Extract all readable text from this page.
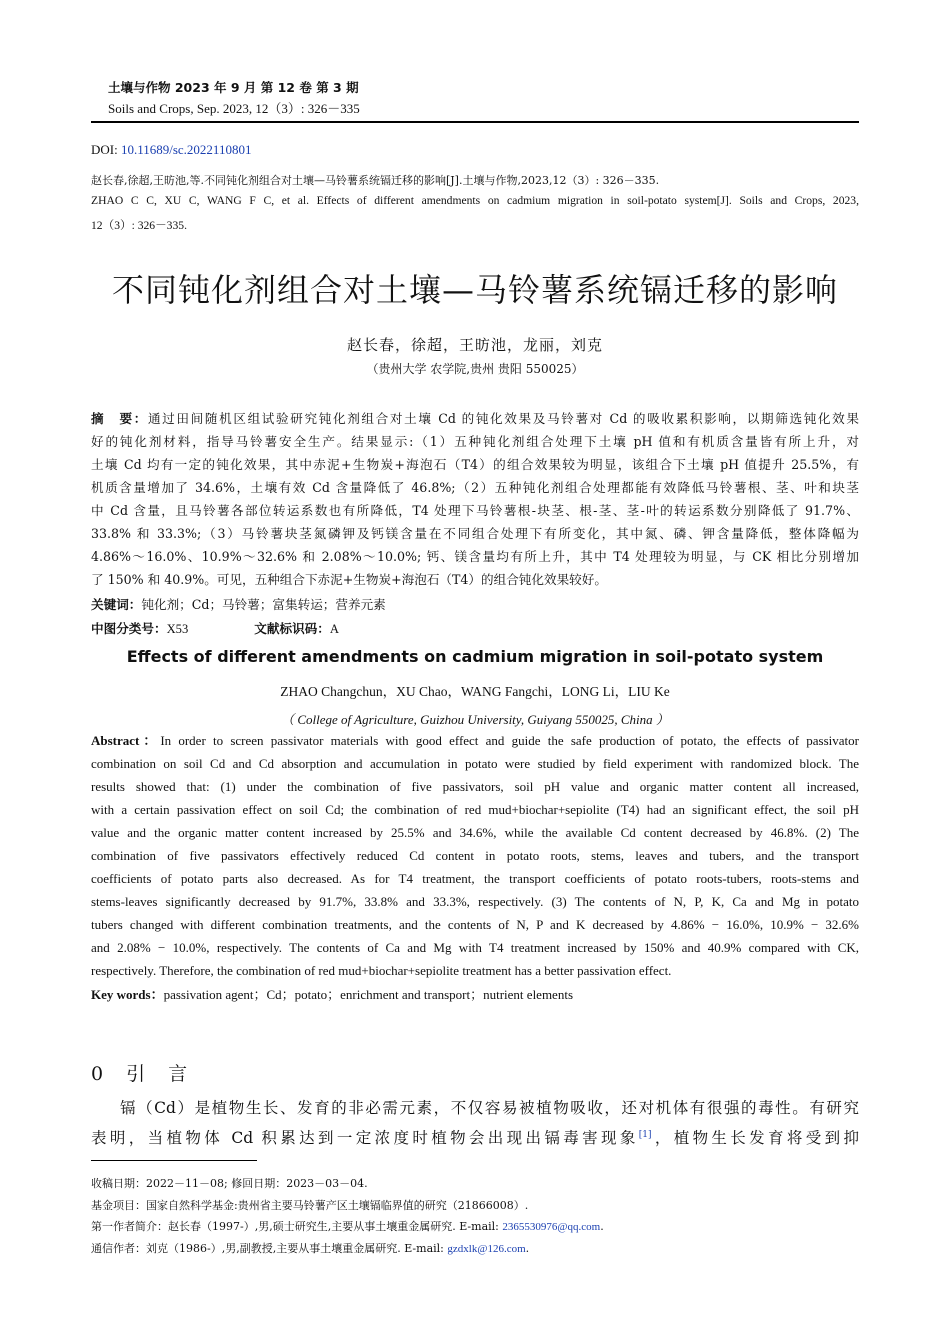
土壤与作物 2023 年 9 月 第 12 卷 第 3 期
Soils and Crops, Sep. 2023, 12（3）: 326－335
DOI: 10.11689/sc.2022110801
赵长春,徐超,王昉池,等.不同钝化剂组合对土壤—马铃薯系统镉迁移的影响[J].土壤与作物,2023,12（3）: 326－335.
ZHAO C C, XU C, WANG F C, et al. Effects of different amendments on cadmium migration in soil-potato system[J]. Soils and Crops, 2023,
12（3）: 326－335.
不同钝化剂组合对土壤—马铃薯系统镉迁移的影响
赵长春，徐超，王昉池，龙丽，刘克
（贵州大学 农学院,贵州 贵阳 550025）
摘　要：通过田间随机区组试验研究钝化剂组合对土壤 Cd 的钝化效果及马铃薯对 Cd 的吸收累积影响，以期筛选钝化效果
好的钝化剂材料，指导马铃薯安全生产。结果显示:（1）五种钝化剂组合处理下土壤 pH 值和有机质含量皆有所上升，对
土壤 Cd 均有一定的钝化效果，其中赤泥+生物炭+海泡石（T4）的组合效果较为明显，该组合下土壤 pH 值提升 25.5%，有
机质含量增加了 34.6%，土壤有效 Cd 含量降低了 46.8%;（2）五种钝化剂组合处理都能有效降低马铃薯根、茎、叶和块茎
中 Cd 含量，且马铃薯各部位转运系数也有所降低，T4 处理下马铃薯根-块茎、根-茎、茎-叶的转运系数分别降低了 91.7%、
33.8% 和 33.3%;（3）马铃薯块茎氮磷钾及钙镁含量在不同组合处理下有所变化，其中氮、磷、钾含量降低，整体降幅为
4.86%～16.0%、10.9%～32.6% 和 2.08%～10.0%; 钙、镁含量均有所上升，其中 T4 处理较为明显，与 CK 相比分别增加
了 150% 和 40.9%。可见，五种组合下赤泥+生物炭+海泡石（T4）的组合钝化效果较好。
关键词：钝化剂；Cd；马铃薯；富集转运；营养元素
中图分类号：X53	文献标识码：A
Effects of different amendments on cadmium migration in soil-potato system
ZHAO Changchun，XU Chao，WANG Fangchi，LONG Li，LIU Ke
（ College of Agriculture, Guizhou University, Guiyang 550025, China ）
Abstract：In order to screen passivator materials with good effect and guide the safe production of potato, the effects of passivator
combination on soil Cd and Cd absorption and accumulation in potato were studied by field experiment with randomized block. The
results showed that: (1) under the combination of five passivators, soil pH value and organic matter content all increased,
with a certain passivation effect on soil Cd; the combination of red mud+biochar+sepiolite (T4) had an significant effect, the soil pH
value and the organic matter content increased by 25.5% and 34.6%, while the available Cd content decreased by 46.8%. (2) The
combination of five passivators effectively reduced Cd content in potato roots, stems, leaves and tubers, and the transport
coefficients of potato parts also decreased. As for T4 treatment, the transport coefficients of potato roots-tubers, roots-stems and
stems-leaves significantly decreased by 91.7%, 33.8% and 33.3%, respectively. (3) The contents of N, P, K, Ca and Mg in potato
tubers changed with different combination treatments, and the contents of N, P and K decreased by 4.86% − 16.0%, 10.9% − 32.6%
and 2.08% − 10.0%, respectively. The contents of Ca and Mg with T4 treatment increased by 150% and 40.9% compared with CK,
respectively. Therefore, the combination of red mud+biochar+sepiolite treatment has a better passivation effect.
Key words：passivation agent；Cd；potato；enrichment and transport；nutrient elements
0　引　言
镉（Cd）是植物生长、发育的非必需元素，不仅容易被植物吸收，还对机体有很强的毒性。有研究
表明，当植物体 Cd 积累达到一定浓度时植物会出现出镉毒害现象[1]，植物生长发育将受到抑
收稿日期：2022－11－08; 修回日期：2023－03－04.
基金项目：国家自然科学基金:贵州省主要马铃薯产区土壤镉临界值的研究（21866008）.
第一作者简介：赵长春（1997-）,男,硕士研究生,主要从事土壤重金属研究. E-mail: 2365530976@qq.com.
通信作者：刘克（1986-）,男,副教授,主要从事土壤重金属研究. E-mail: gzdxlk@126.com.
